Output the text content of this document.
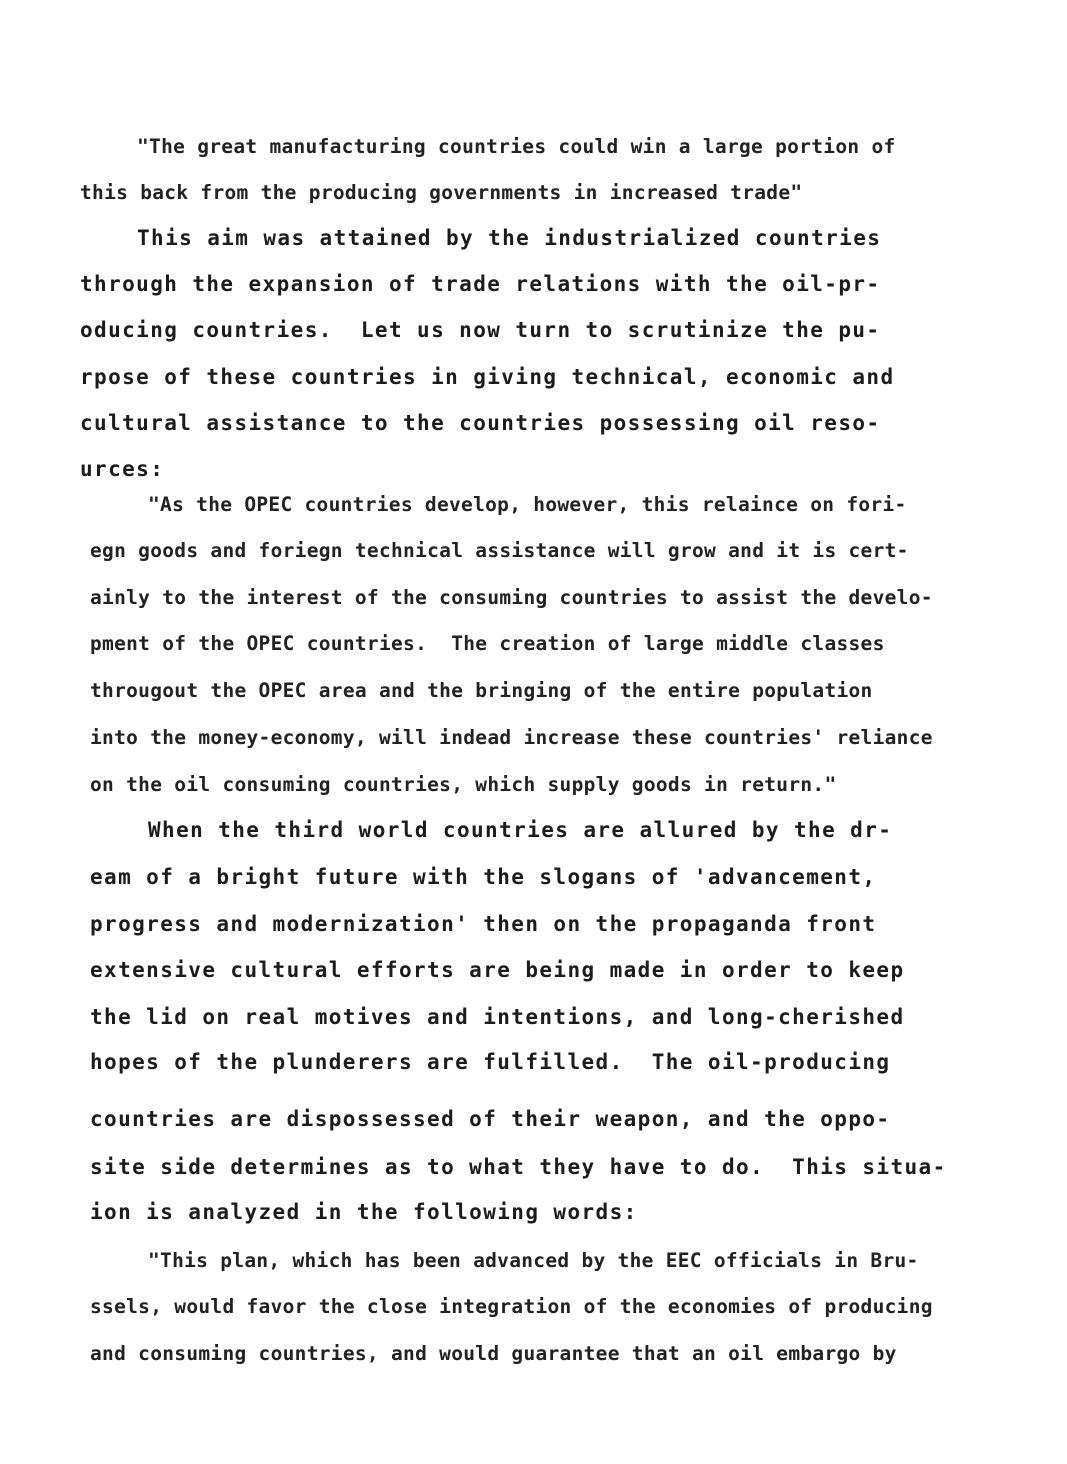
"The great manufacturing countries could win a large portion of
this back from the producing governments in increased trade"
This aim was attained by the industrialized countries
through the expansion of trade relations with the oil-pr-
oducing countries.  Let us now turn to scrutinize the pu-
rpose of these countries in giving technical, economic and
cultural assistance to the countries possessing oil reso-
urces:
"As the OPEC countries develop, however, this relaince on fori-
egn goods and foriegn technical assistance will grow and it is cert-
ainly to the interest of the consuming countries to assist the develo-
pment of the OPEC countries.  The creation of large middle classes
througout the OPEC area and the bringing of the entire population
into the money-economy, will indead increase these countries' reliance
on the oil consuming countries, which supply goods in return."
When the third world countries are allured by the dr-
eam of a bright future with the slogans of 'advancement,
progress and modernization' then on the propaganda front
extensive cultural efforts are being made in order to keep
the lid on real motives and intentions, and long-cherished
hopes of the plunderers are fulfilled.  The oil-producing
countries are dispossessed of their weapon, and the oppo-
site side determines as to what they have to do.  This situa-
ion is analyzed in the following words:
"This plan, which has been advanced by the EEC officials in Bru-
ssels, would favor the close integration of the economies of producing
and consuming countries, and would guarantee that an oil embargo by
